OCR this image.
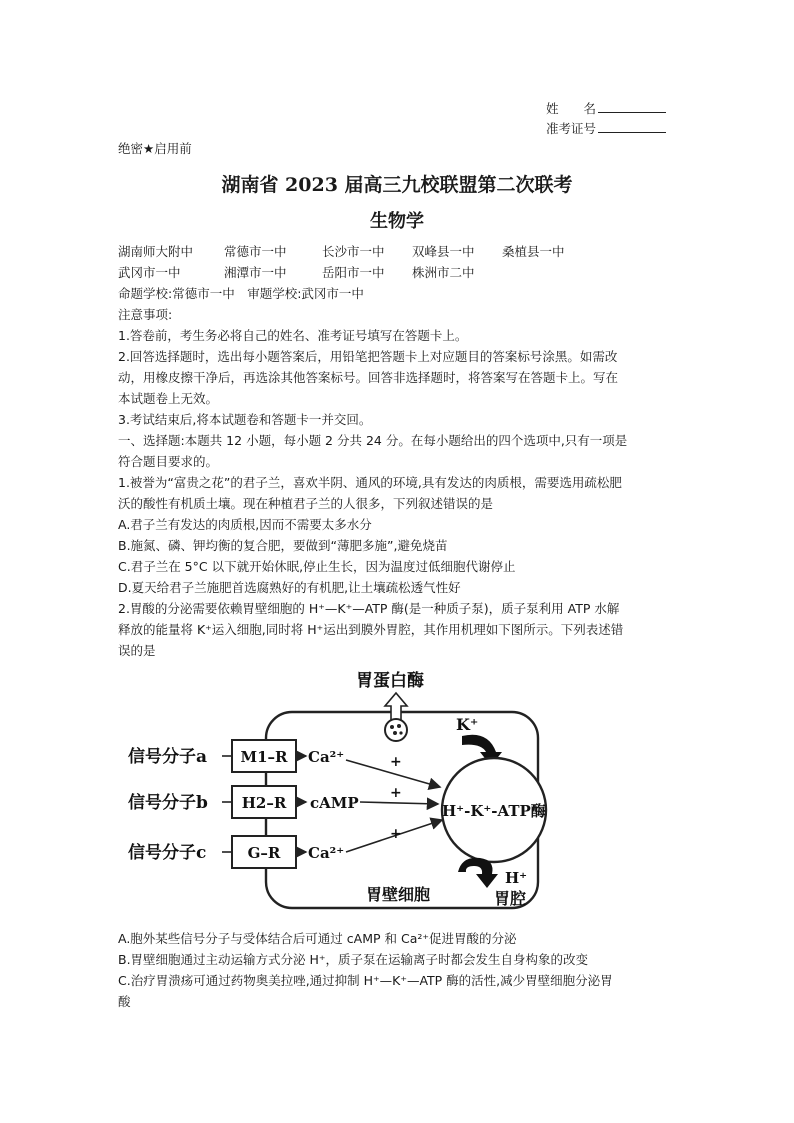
姓　　名
准考证号
绝密★启用前
湖南省 2023 届高三九校联盟第二次联考
生物学
湖南师大附中 常德市一中	长沙市一中 双峰县一中 桑植县一中
武冈市一中	湘潭市一中	岳阳市一中 株洲市二中
命题学校:常德市一中　审题学校:武冈市一中
注意事项:
1.答卷前，考生务必将自己的姓名、准考证号填写在答题卡上。
2.回答选择题时，选出每小题答案后，用铅笔把答题卡上对应题目的答案标号涂黑。如需改
动，用橡皮擦干净后，再选涂其他答案标号。回答非选择题时，将答案写在答题卡上。写在
本试题卷上无效。
3.考试结束后,将本试题卷和答题卡一并交回。
一、选择题:本题共 12 小题，每小题 2 分共 24 分。在每小题给出的四个选项中,只有一项是
符合题目要求的。
1.被誉为“富贵之花”的君子兰，喜欢半阴、通风的环境,具有发达的肉质根，需要选用疏松肥
沃的酸性有机质土壤。现在种植君子兰的人很多，下列叙述错误的是
A.君子兰有发达的肉质根,因而不需要太多水分
B.施氮、磷、钾均衡的复合肥，要做到“薄肥多施”,避免烧苗
C.君子兰在 5°C 以下就开始休眠,停止生长，因为温度过低细胞代谢停止
D.夏天给君子兰施肥首选腐熟好的有机肥,让土壤疏松透气性好
2.胃酸的分泌需要依赖胃壁细胞的 H⁺—K⁺—ATP 酶(是一种质子泵)，质子泵利用 ATP 水解
释放的能量将 K⁺运入细胞,同时将 H⁺运出到膜外胃腔，其作用机理如下图所示。下列表述错
误的是
胃蛋白酶
K⁺
H⁺-K⁺-ATP酶
H⁺
胃腔
胃壁细胞
信号分子a M1–R Ca²⁺	+
信号分子b H2–R cAMP
+
信号分子c	G–R Ca²⁺
+
A.胞外某些信号分子与受体结合后可通过 cAMP 和 Ca²⁺促进胃酸的分泌
B.胃壁细胞通过主动运输方式分泌 H⁺，质子泵在运输离子时都会发生自身构象的改变
C.治疗胃溃疡可通过药物奥美拉唑,通过抑制 H⁺—K⁺—ATP 酶的活性,减少胃壁细胞分泌胃
酸
